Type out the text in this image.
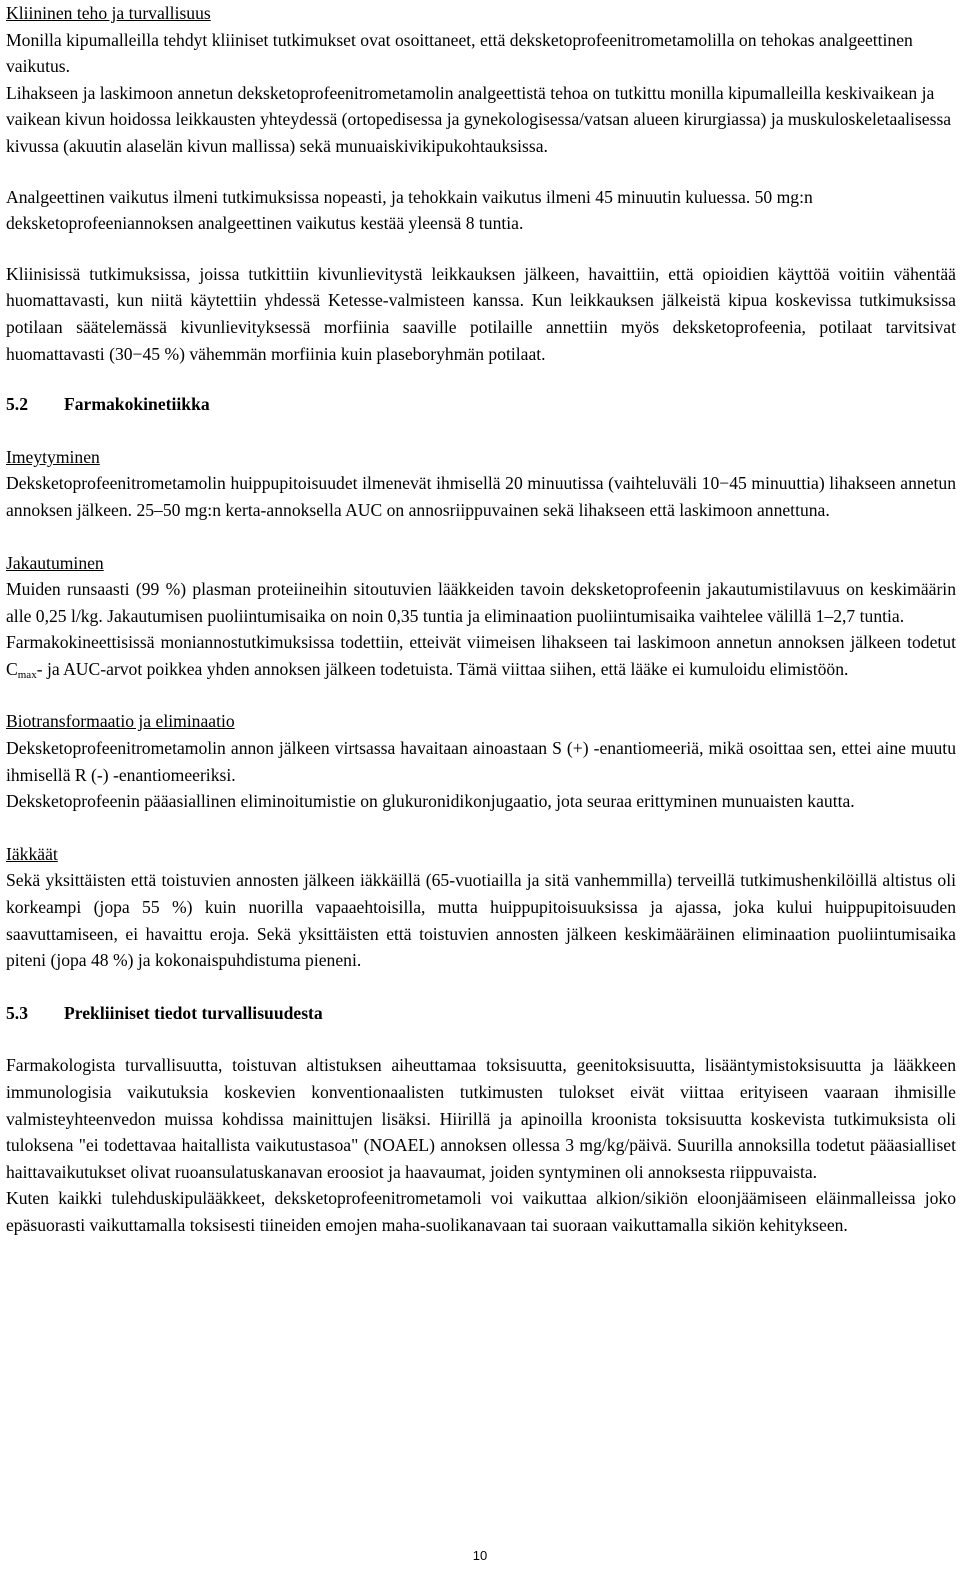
Kliininen teho ja turvallisuus

Monilla kipumalleilla tehdyt kliiniset tutkimukset ovat osoittaneet, että deksketoprofeenitrometamolilla on tehokas analgeettinen vaikutus.

Lihakseen ja laskimoon annetun deksketoprofeenitrometamolin analgeettistä tehoa on tutkittu monilla kipumalleilla keskivaikean ja vaikean kivun hoidossa leikkausten yhteydessä (ortopedisessa ja gynekologisessa/vatsan alueen kirurgiassa) ja muskuloskeletaalisessa kivussa (akuutin alaselän kivun mallissa) sekä munuaiskivikipukohtauksissa.

Analgeettinen vaikutus ilmeni tutkimuksissa nopeasti, ja tehokkain vaikutus ilmeni 45 minuutin kuluessa. 50 mg:n deksketoprofeeniannoksen analgeettinen vaikutus kestää yleensä 8 tuntia.

Kliinisissä tutkimuksissa, joissa tutkittiin kivunlievitystä leikkauksen jälkeen, havaittiin, että opioidien käyttöä voitiin vähentää huomattavasti, kun niitä käytettiin yhdessä Ketesse-valmisteen kanssa. Kun leikkauksen jälkeistä kipua koskevissa tutkimuksissa potilaan säätelemässä kivunlievityksessä morfiinia saaville potilaille annettiin myös deksketoprofeenia, potilaat tarvitsivat huomattavasti (30−45 %) vähemmän morfiinia kuin plaseboryhmän potilaat.

5.2 Farmakokinetiikka

Imeytyminen

Deksketoprofeenitrometamolin huippupitoisuudet ilmenevät ihmisellä 20 minuutissa (vaihteluväli 10−45 minuuttia) lihakseen annetun annoksen jälkeen. 25–50 mg:n kerta-annoksella AUC on annosriippuvainen sekä lihakseen että laskimoon annettuna.

Jakautuminen

Muiden runsaasti (99 %) plasman proteiineihin sitoutuvien lääkkeiden tavoin deksketoprofeenin jakautumistilavuus on keskimäärin alle 0,25 l/kg. Jakautumisen puoliintumisaika on noin 0,35 tuntia ja eliminaation puoliintumisaika vaihtelee välillä 1–2,7 tuntia.

Farmakokineettisissä moniannostutkimuksissa todettiin, etteivät viimeisen lihakseen tai laskimoon annetun annoksen jälkeen todetut $C_{max}-$ ja AUC-arvot poikkea yhden annoksen jälkeen todetuista. Tämä viittaa siihen, että lääke ei kumuloidu elimistöön.

Biotransformaatio ja eliminaatio

Deksketoprofeenitrometamolin annon jälkeen virtsassa havaitaan ainoastaan S (+) -enantiomeeriä, mikä osoittaa sen, ettei aine muutu ihmisellä R (-) -enantiomeeriksi.

Deksketoprofeenin pääasiallinen eliminoitumistie on glukuronidikonjugaatio, jota seuraa erittyminen munuaisten kautta.

Iäkkäät

Sekä yksittäisten että toistuvien annosten jälkeen iäkkäillä (65-vuotiailla ja sitä vanhemmilla) terveillä tutkimushenkilöillä altistus oli korkeampi (jopa 55 %) kuin nuorilla vapaaehtoisilla, mutta huippupitoisuuksissa ja ajassa, joka kului huippupitoisuuden saavuttamiseen, ei havaittu eroja. Sekä yksittäisten että toistuvien annosten jälkeen keskimääräinen eliminaation puoliintumisaika piteni (jopa 48 %) ja kokonaispuhdistuma pieneni.

5.3 Prekliiniset tiedot turvallisuudesta

Farmakologista turvallisuutta, toistuvan altistuksen aiheuttamaa toksisuutta, geenitoksisuutta, lisääntymistoksisuutta ja lääkkeen immunologisia vaikutuksia koskevien konventionaalisten tutkimusten tulokset eivät viittaa erityiseen vaaraan ihmisille valmisteyhteenvedon muissa kohdissa mainittujen lisäksi. Hiirillä ja apinoilla kroonista toksisuutta koskevista tutkimuksista oli tuloksena "ei todettavaa haitallista vaikutustasoa" (NOAEL) annoksen ollessa 3 mg/kg/päivä. Suurilla annoksilla todetut pääasialliset haittavaikutukset olivat ruoansulatuskanavan eroosiot ja haavaumat, joiden syntyminen oli annoksesta riippuvaista.

Kuten kaikki tulehduskipulääkkeet, deksketoprofeenitrometamoli voi vaikuttaa alkion/sikiön eloonjäämiseen eläinmalleissa joko epäsuorasti vaikuttamalla toksisesti tiineiden emojen maha-suolikanavaan tai suoraan vaikuttamalla sikiön kehitykseen.

10
